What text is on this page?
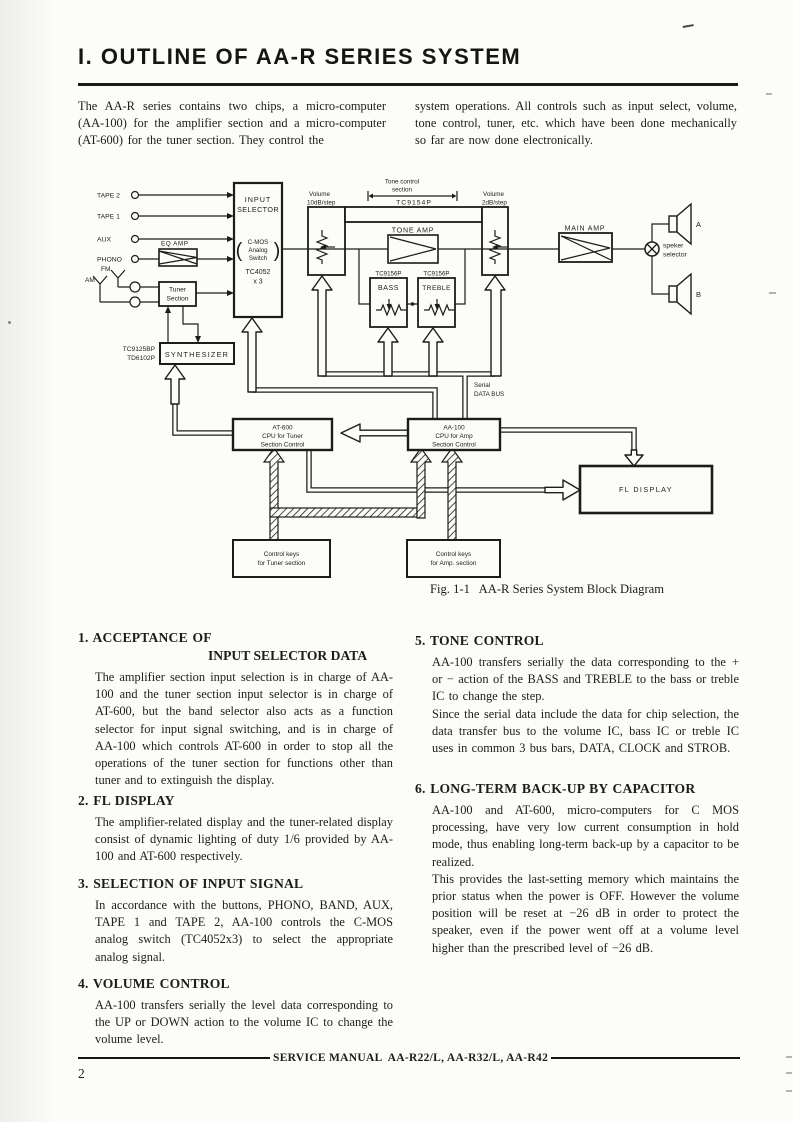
I. OUTLINE OF AA-R SERIES SYSTEM
The AA-R series contains two chips, a micro-computer (AA-100) for the amplifier section and a micro-computer (AT-600) for the tuner section. They control the
system operations. All controls such as input select, volume, tone control, tuner, etc. which have been done mechanically so far are now done electronically.
TAPE 2
TAPE 1
AUX
PHONO
FM
AM
EQ AMP
INPUT
SELECTOR
( )
C-MOS
Analog
Switch
TC4052
x 3
Tuner
Section
SYNTHESIZER
TC9125BP
TD6102P
Volume
10dB/step
Volume
2dB/step
Tone control
section
TC9154P
TONE AMP
TC9156P
BASS
TC9156P
TREBLE
MAIN AMP
speker
selector
A
B
Serial
DATA BUS
AT-600
CPU for Tuner
Section Control
AA-100
CPU for Amp
Section Control
FL DISPLAY
Control keys
for Tuner section
Control keys
for Amp. section
Fig. 1-1   AA-R Series System Block Diagram
1. ACCEPTANCE OF
INPUT SELECTOR DATA

The amplifier section input selection is in charge of AA-100 and the tuner section input selector is in charge of AT-600, but the band selector also acts as a function selector for input signal switching, and is in charge of AA-100 which controls AT-600 in order to stop all the operations of the tuner section for functions other than tuner and to extinguish the display.

2. FL DISPLAY

The amplifier-related display and the tuner-related display consist of dynamic lighting of duty 1/6 provided by AA-100 and AT-600 respectively.

3. SELECTION OF INPUT SIGNAL

In accordance with the buttons, PHONO, BAND, AUX, TAPE 1 and TAPE 2, AA-100 controls the C-MOS analog switch (TC4052x3) to select the appropriate analog signal.

4. VOLUME CONTROL

AA-100 transfers serially the level data corresponding to the UP or DOWN action to the volume IC to change the volume level.

5. TONE CONTROL

AA-100 transfers serially the data corresponding to the + or − action of the BASS and TREBLE to the bass or treble IC to change the step.

Since the serial data include the data for chip selection, the data transfer bus to the volume IC, bass IC or treble IC uses in common 3 bus bars, DATA, CLOCK and STROB.

6. LONG-TERM BACK-UP BY CAPACITOR

AA-100 and AT-600, micro-computers for C MOS processing, have very low current consumption in hold mode, thus enabling long-term back-up by a capacitor to be realized.

This provides the last-setting memory which maintains the prior status when the power is OFF. However the volume position will be reset at −26 dB in order to protect the speaker, even if the power went off at a volume level higher than the prescribed level of −26 dB.

SERVICE MANUAL  AA-R22/L, AA-R32/L, AA-R42
2
